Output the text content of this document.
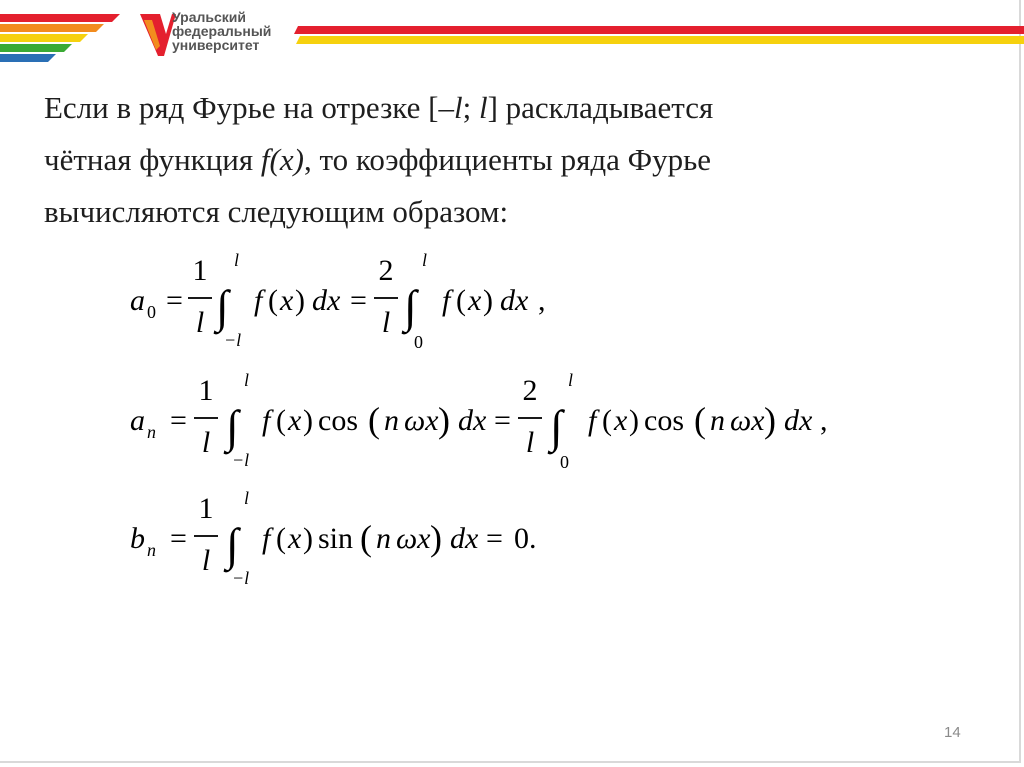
Уральский
федеральный
университет
Если в ряд Фурье на отрезке [–l; l] раскладывается
чётная функция f(x), то коэффициенты ряда Фурье
вычисляются следующим образом:
a 0 =
1
l ∫
l
−l
f ( x ) dx =
2
l ∫
l
0
f ( x ) dx ,
a n =
1
l ∫
l
−l
f ( x ) cos ( n ωx ) dx =
2
l ∫
l
0
f ( x ) cos ( n ωx ) dx ,
b n =
1
l ∫
l
−l
f ( x ) sin ( n ωx ) dx = 0.
14
